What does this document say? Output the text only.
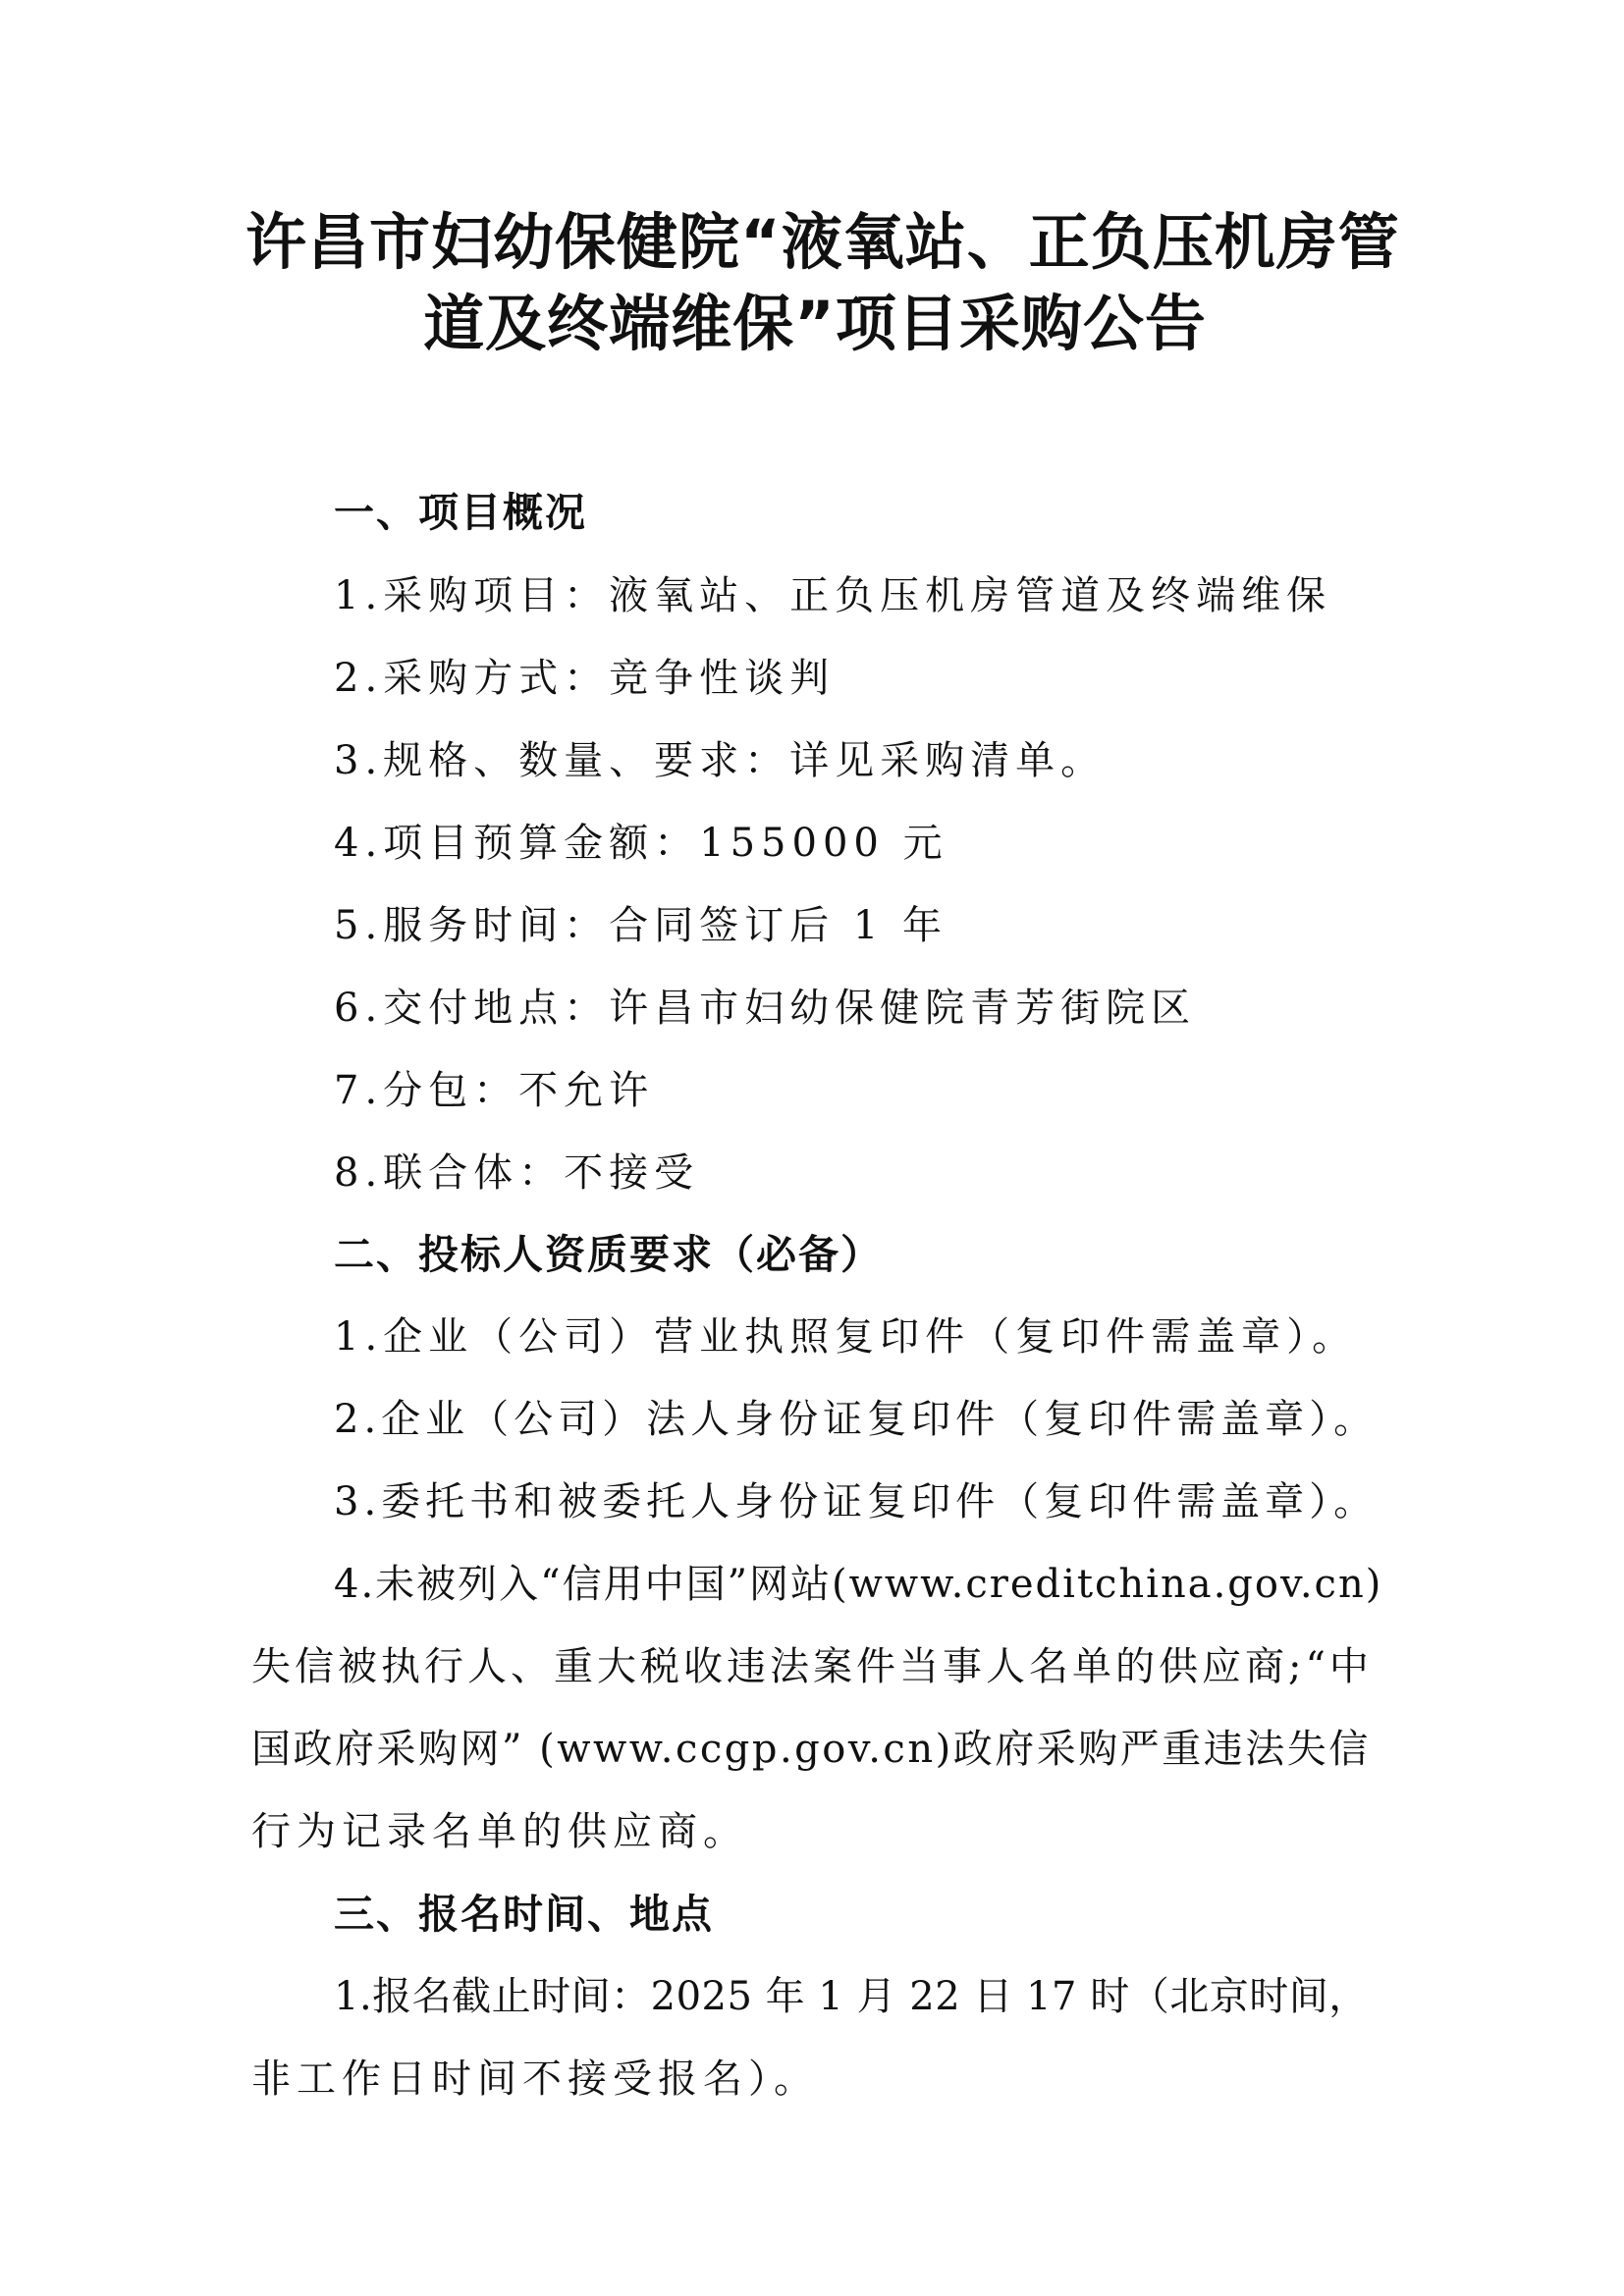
许昌市妇幼保健院“液氧站、正负压机房管
道及终端维保”项目采购公告
一、项目概况
1.采购项目：液氧站、正负压机房管道及终端维保
2.采购方式：竞争性谈判
3.规格、数量、要求：详见采购清单。
4.项目预算金额：155000 元
5.服务时间：合同签订后 1 年
6.交付地点：许昌市妇幼保健院青芳街院区
7.分包：不允许
8.联合体：不接受
二、投标人资质要求（必备）
1.企业（公司）营业执照复印件（复印件需盖章）。
2.企业（公司）法人身份证复印件（复印件需盖章）。
3.委托书和被委托人身份证复印件（复印件需盖章）。
4.未被列入“信用中国”网站(www.creditchina.gov.cn)
失信被执行人、重大税收违法案件当事人名单的供应商;“中
国政府采购网” (www.ccgp.gov.cn)政府采购严重违法失信
行为记录名单的供应商。
三、报名时间、地点
1.报名截止时间：2025 年 1 月 22 日 17 时（北京时间，
非工作日时间不接受报名）。
